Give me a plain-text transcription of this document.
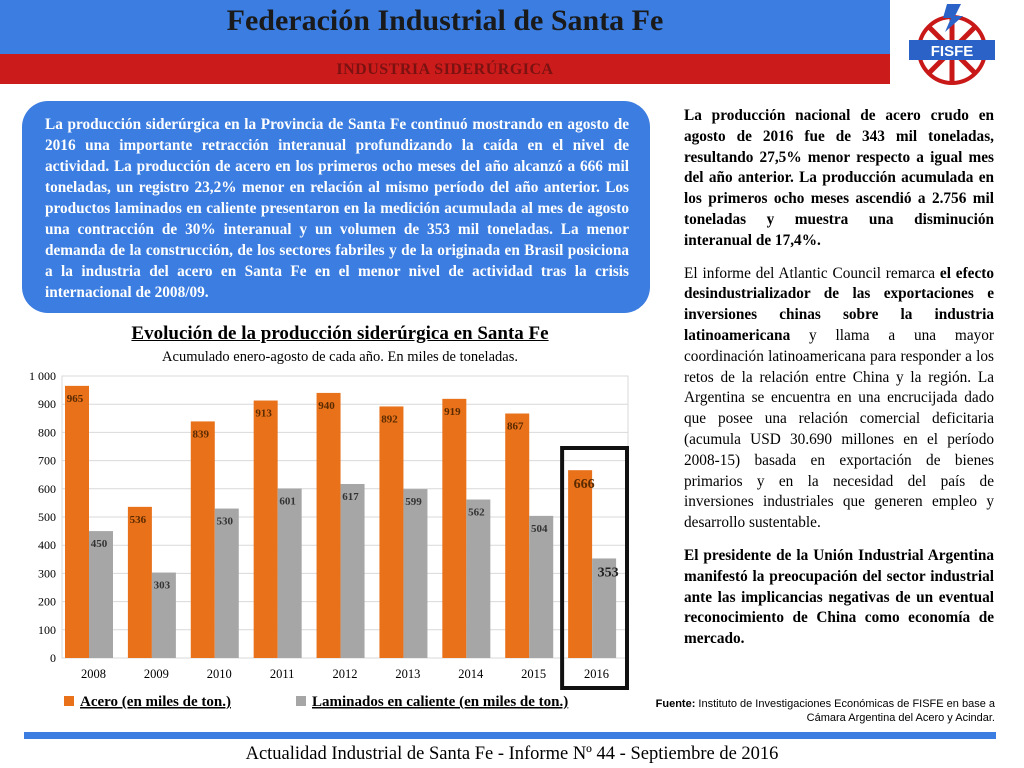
Federación Industrial de Santa Fe
INDUSTRIA SIDERÚRGICA
FISFE

La producción siderúrgica en la Provincia de Santa Fe continuó mostrando en agosto de 2016 una importante retracción interanual profundizando la caída en el nivel de actividad. La producción de acero en los primeros ocho meses del año alcanzó a 666 mil toneladas, un registro 23,2% menor en relación al mismo período del año anterior. Los productos laminados en caliente presentaron en la medición acumulada al mes de agosto una contracción de 30% interanual y un volumen de 353 mil toneladas. La menor demanda de la construcción, de los sectores fabriles y de la originada en Brasil posiciona a la industria del acero en Santa Fe en el menor nivel de actividad tras la crisis internacional de 2008/09.

La producción nacional de acero crudo en agosto de 2016 fue de 343 mil toneladas, resultando 27,5% menor respecto a igual mes del año anterior. La producción acumulada en los primeros ocho meses ascendió a 2.756 mil toneladas y muestra una disminución interanual de 17,4%.

El informe del Atlantic Council remarca el efecto desindustrializador de las exportaciones e inversiones chinas sobre la industria latinoamericana y llama a una mayor coordinación latinoamericana para responder a los retos de la relación entre China y la región. La Argentina se encuentra en una encrucijada dado que posee una relación comercial deficitaria (acumula USD 30.690 millones en el período 2008-15) basada en exportación de bienes primarios y en la necesidad del país de inversiones industriales que generen empleo y desarrollo sustentable.

El presidente de la Unión Industrial Argentina manifestó la preocupación del sector industrial ante las implicancias negativas de un eventual reconocimiento de China como economía de mercado.

Evolución de la producción siderúrgica en Santa Fe
Acumulado enero-agosto de cada año. En miles de toneladas.
0
100
200
300
400
500
600
700
800
900
1 000
965
450
536
303
839
530
913
601
940
617
892
599
919
562
867
504
666
353
2008	2009	2010	2011	2012	2013	2014	2015	2016
Acero (en miles de ton.)	Laminados en caliente (en miles de ton.)	Fuente: Instituto de Investigaciones Económicas de FISFE en base a
Cámara Argentina del Acero y Acindar.
Actualidad Industrial de Santa Fe - Informe Nº 44 - Septiembre de 2016
